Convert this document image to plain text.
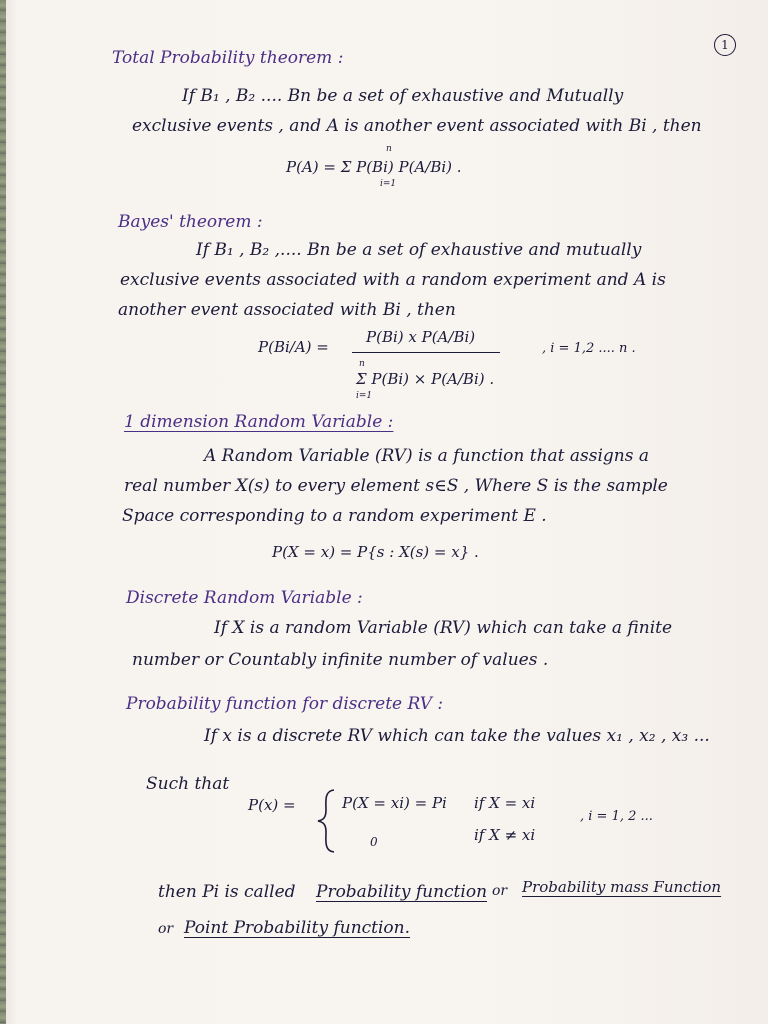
1
Total Probability theorem :
If B₁ , B₂ .... Bn be a set of exhaustive and Mutually
exclusive events , and A is another event associated with Bi , then
n
P(A) = Σ P(Bi) P(A/Bi) .
i=1
Bayes' theorem :
If B₁ , B₂ ,.... Bn be a set of exhaustive and mutually
exclusive events associated with a random experiment and A is
another event associated with Bi , then
P(Bi/A) =
P(Bi) x P(A/Bi)
n
Σ P(Bi) × P(A/Bi) .
i=1
, i = 1,2 .... n .
1 dimension Random Variable :
A Random Variable (RV) is a function that assigns a
real number X(s) to every element s∈S , Where S is the sample
Space corresponding to a random experiment E .
P(X = x) = P{s : X(s) = x} .
Discrete Random Variable :
If X is a random Variable (RV) which can take a finite
number or Countably infinite number of values .
Probability function for discrete RV :
If x is a discrete RV which can take the values x₁ , x₂ , x₃ ...
Such that
P(x) =	P(X = xi) = Pi if X = xi
0	if X ≠ xi
, i = 1, 2 ...
then Pi is called Probability function or Probability mass Function
or Point Probability function.
